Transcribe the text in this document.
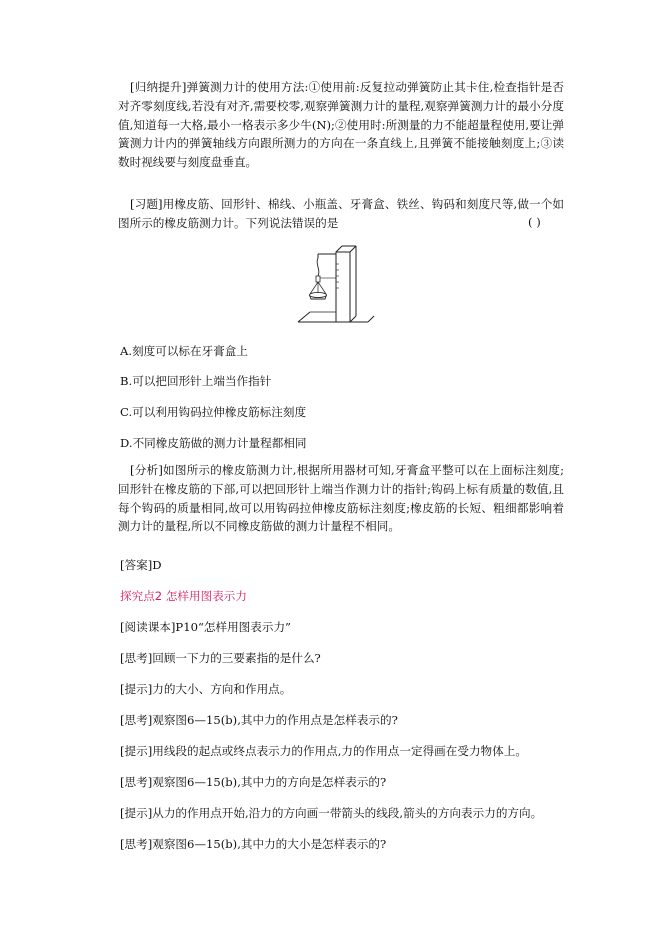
[归纳提升]弹簧测力计的使用方法:①使用前:反复拉动弹簧防止其卡住,检查指针是否对齐零刻度线,若没有对齐,需要校零,观察弹簧测力计的量程,观察弹簧测力计的最小分度值,知道每一大格,最小一格表示多少牛(N);②使用时:所测量的力不能超量程使用,要让弹簧测力计内的弹簧轴线方向跟所测力的方向在一条直线上,且弹簧不能接触刻度上;③读数时视线要与刻度盘垂直。
[习题]用橡皮筋、回形针、棉线、小瓶盖、牙膏盒、铁丝、钩码和刻度尺等,做一个如图所示的橡皮筋测力计。下列说法错误的是	( )
A.刻度可以标在牙膏盒上
B.可以把回形针上端当作指针
C.可以利用钩码拉伸橡皮筋标注刻度
D.不同橡皮筋做的测力计量程都相同
[分析]如图所示的橡皮筋测力计,根据所用器材可知,牙膏盒平整可以在上面标注刻度;回形针在橡皮筋的下部,可以把回形针上端当作测力计的指针;钩码上标有质量的数值,且每个钩码的质量相同,故可以用钩码拉伸橡皮筋标注刻度;橡皮筋的长短、粗细都影响着测力计的量程,所以不同橡皮筋做的测力计量程不相同。
[答案]D
探究点2 怎样用图表示力
[阅读课本]P10“怎样用图表示力”
[思考]回顾一下力的三要素指的是什么?
[提示]力的大小、方向和作用点。
[思考]观察图6—15(b),其中力的作用点是怎样表示的?
[提示]用线段的起点或终点表示力的作用点,力的作用点一定得画在受力物体上。
[思考]观察图6—15(b),其中力的方向是怎样表示的?
[提示]从力的作用点开始,沿力的方向画一带箭头的线段,箭头的方向表示力的方向。
[思考]观察图6—15(b),其中力的大小是怎样表示的?
